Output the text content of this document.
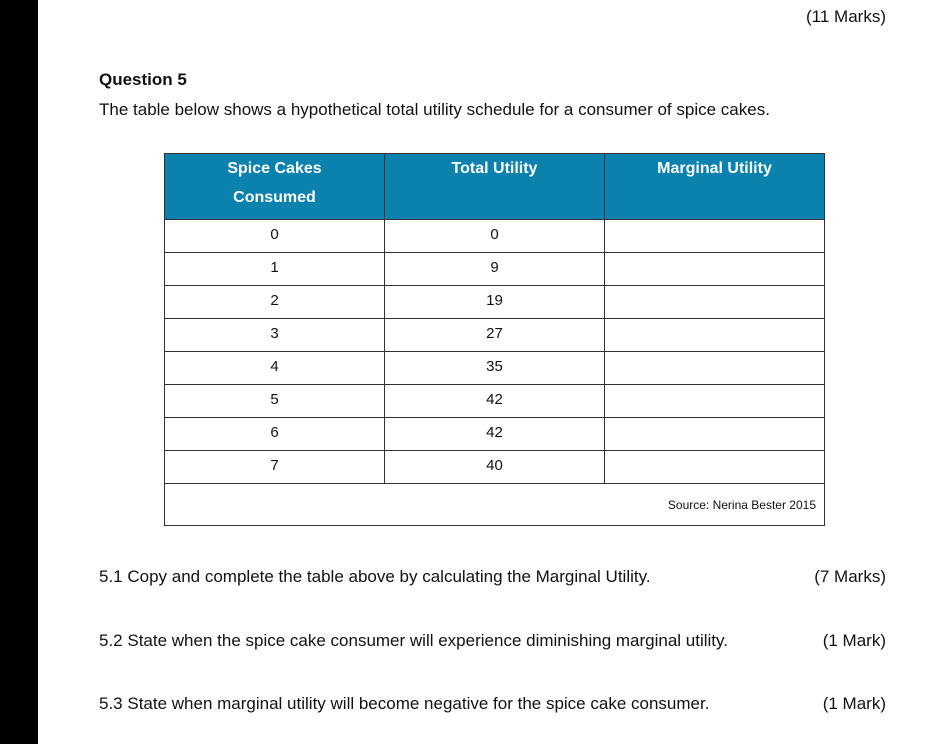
(11 Marks)
Question 5
The table below shows a hypothetical total utility schedule for a consumer of spice cakes.
Spice Cakes
Consumed	Total Utility	Marginal Utility
0	0	
1	9	
2	19	
3	27	
4	35	
5	42	
6	42	
7	40	
Source: Nerina Bester 2015		
5.1 Copy and complete the table above by calculating the Marginal Utility.	(7 Marks)
5.2 State when the spice cake consumer will experience diminishing marginal utility.	(1 Mark)
5.3 State when marginal utility will become negative for the spice cake consumer.	(1 Mark)
